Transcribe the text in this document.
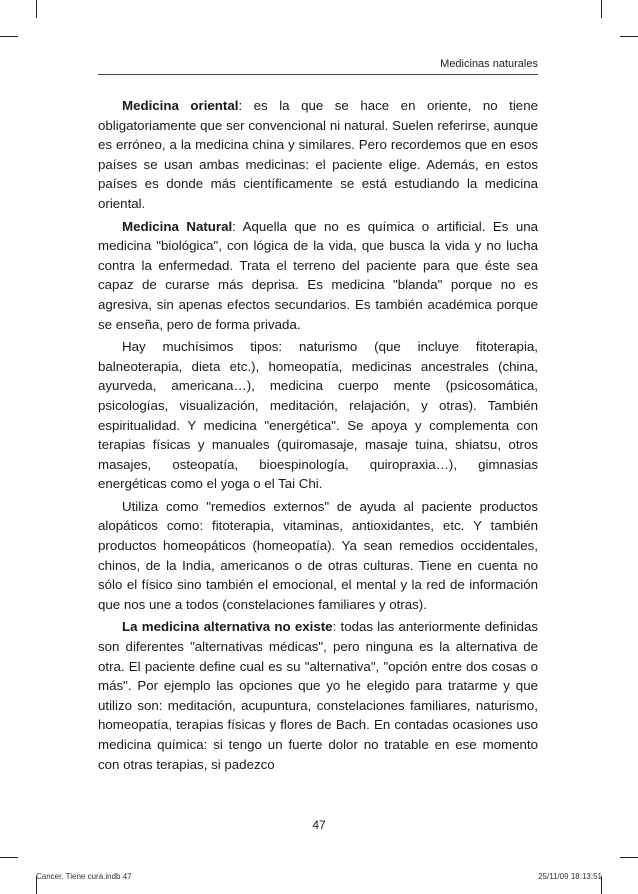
Medicinas naturales

Medicina oriental: es la que se hace en oriente, no tiene obligatoriamente que ser convencional ni natural. Suelen referirse, aunque es erróneo, a la medicina china y similares. Pero recordemos que en esos países se usan ambas medicinas: el paciente elige. Además, en estos países es donde más científicamente se está estudiando la medicina oriental.

Medicina Natural: Aquella que no es química o artificial. Es una medicina "biológica", con lógica de la vida, que busca la vida y no lucha contra la enfermedad. Trata el terreno del paciente para que éste sea capaz de curarse más deprisa. Es medicina "blanda" porque no es agresiva, sin apenas efectos secundarios. Es también académica porque se enseña, pero de forma privada.

Hay muchísimos tipos: naturismo (que incluye fitoterapia, balneoterapia, dieta etc.), homeopatía, medicinas ancestrales (china, ayurveda, americana…), medicina cuerpo mente (psicosomática, psicologías, visualización, meditación, relajación, y otras). También espiritualidad. Y medicina "energética". Se apoya y complementa con terapias físicas y manuales (quiromasaje, masaje tuina, shiatsu, otros masajes, osteopatía, bioespinología, quiropraxia…), gimnasias energéticas como el yoga o el Tai Chi.

Utiliza como "remedios externos" de ayuda al paciente productos alopáticos como: fitoterapia, vitaminas, antioxidantes, etc. Y también productos homeopáticos (homeopatía). Ya sean remedios occidentales, chinos, de la India, americanos o de otras culturas. Tiene en cuenta no sólo el físico sino también el emocional, el mental y la red de información que nos une a todos (constelaciones familiares y otras).

La medicina alternativa no existe: todas las anteriormente definidas son diferentes "alternativas médicas", pero ninguna es la alternativa de otra. El paciente define cual es su "alternativa", "opción entre dos cosas o más". Por ejemplo las opciones que yo he elegido para tratarme y que utilizo son: meditación, acupuntura, constelaciones familiares, naturismo, homeopatía, terapias físicas y flores de Bach. En contadas ocasiones uso medicina química: si tengo un fuerte dolor no tratable en ese momento con otras terapias, si padezco

47
Cancer. Tiene cura.indb 47	25/11/09 18:13:51
